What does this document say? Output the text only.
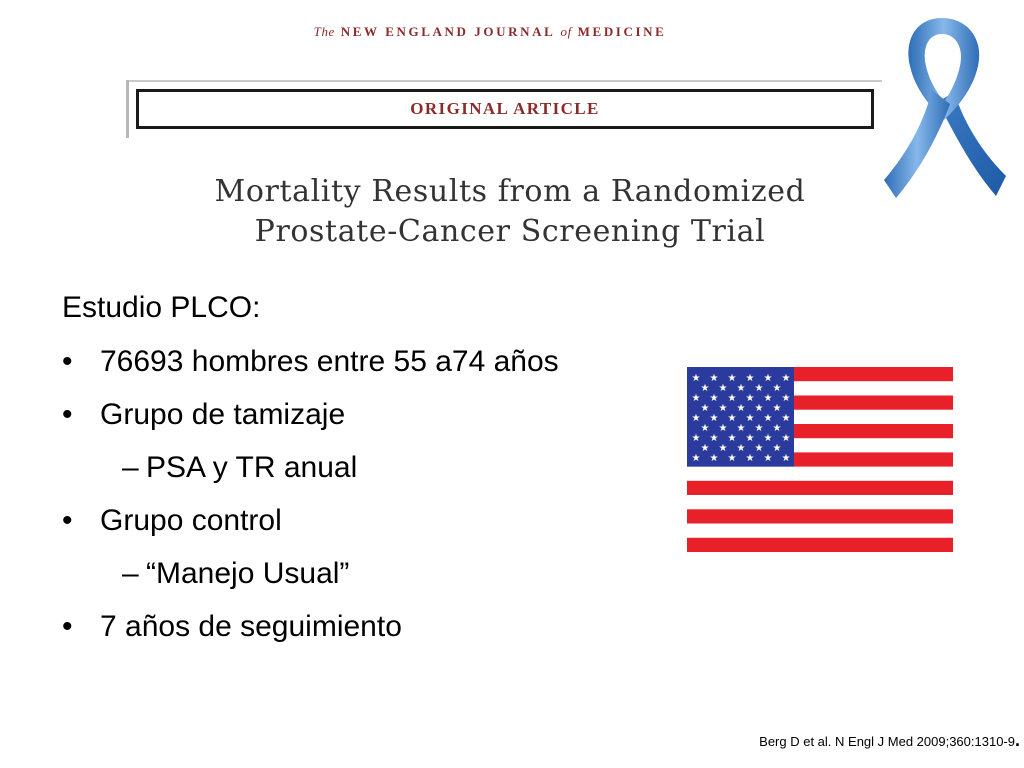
The NEW ENGLAND JOURNAL of MEDICINE
ORIGINAL ARTICLE
Mortality Results from a Randomized
Prostate-Cancer Screening Trial
Estudio PLCO:
• 76693 hombres entre 55 a74 años
• Grupo de tamizaje
– PSA y TR anual
• Grupo control
– “Manejo Usual”
• 7 años de seguimiento
★ ★ ★ ★ ★ ★
★ ★ ★ ★ ★
★ ★ ★ ★ ★ ★
★ ★ ★ ★ ★
★ ★ ★ ★ ★ ★
★ ★ ★ ★ ★
★ ★ ★ ★ ★ ★
★ ★ ★ ★ ★
★ ★ ★ ★ ★ ★
Berg D et al. N Engl J Med 2009;360:1310-9.
